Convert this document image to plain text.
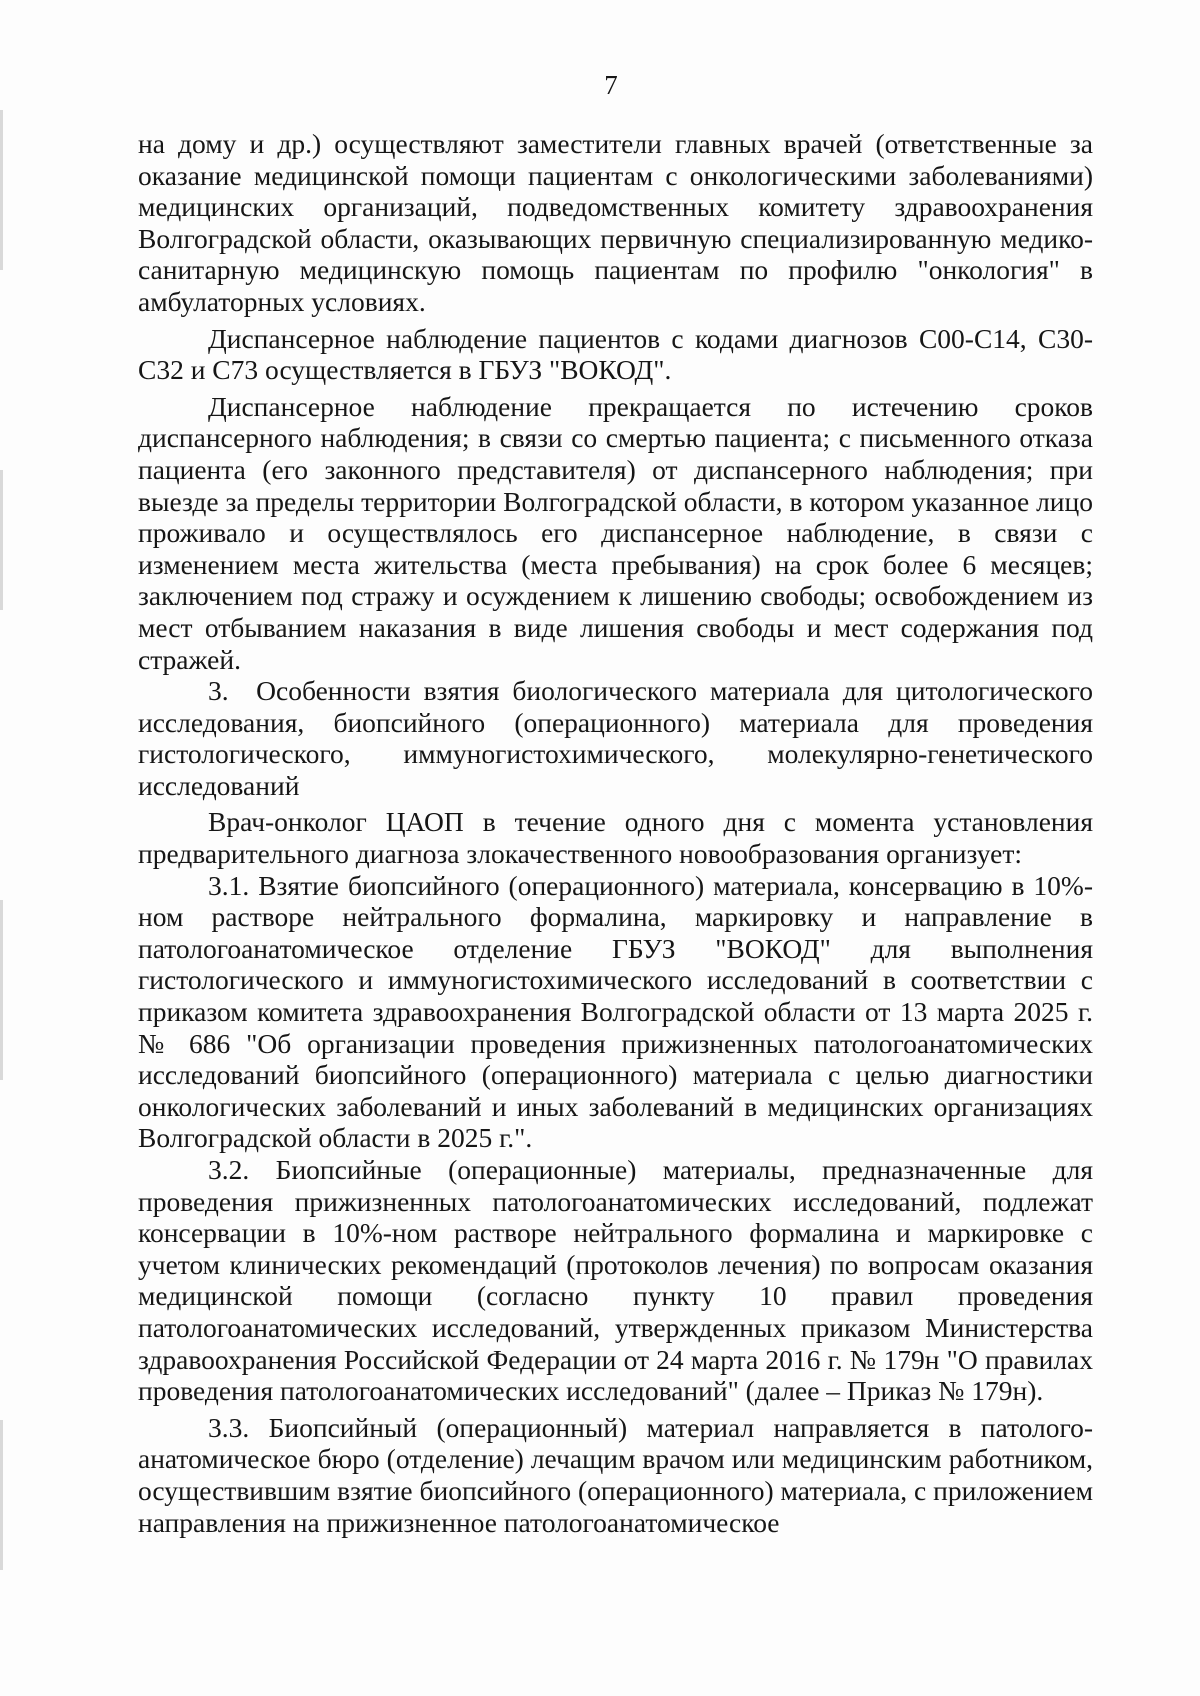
7

на дому и др.) осуществляют заместители главных врачей (ответственные за оказание медицинской помощи пациентам с онкологическими заболеваниями) медицинских организаций, подведомственных комитету здравоохранения Волгоградской области, оказывающих первичную специализированную медико-санитарную медицинскую помощь пациентам по профилю "онкология" в амбулаторных условиях.

Диспансерное наблюдение пациентов с кодами диагнозов С00-С14, С30-С32 и С73 осуществляется в ГБУЗ "ВОКОД".

Диспансерное наблюдение прекращается по истечению сроков диспансерного наблюдения; в связи со смертью пациента; с письменного отказа пациента (его законного представителя) от диспансерного наблюдения; при выезде за пределы территории Волгоградской области, в котором указанное лицо проживало и осуществлялось его диспансерное наблюдение, в связи с изменением места жительства (места пребывания) на срок более 6 месяцев; заключением под стражу и осуждением к лишению свободы; освобождением из мест отбыванием наказания в виде лишения свободы и мест содержания под стражей.

3. Особенности взятия биологического материала для цитологического исследования, биопсийного (операционного) материала для проведения гистологического, иммуногистохимического, молекулярно-генетического исследований

Врач-онколог ЦАОП в течение одного дня с момента установления предварительного диагноза злокачественного новообразования организует:

3.1. Взятие биопсийного (операционного) материала, консервацию в 10%-ном растворе нейтрального формалина, маркировку и направление в патологоанатомическое отделение ГБУЗ "ВОКОД" для выполнения гистологического и иммуногистохимического исследований в соответствии с приказом комитета здравоохранения Волгоградской области от 13 марта 2025 г. № 686 "Об организации проведения прижизненных патологоанатомических исследований биопсийного (операционного) материала с целью диагностики онкологических заболеваний и иных заболеваний в медицинских организациях Волгоградской области в 2025 г.".

3.2. Биопсийные (операционные) материалы, предназначенные для проведения прижизненных патологоанатомических исследований, подлежат консервации в 10%-ном растворе нейтрального формалина и маркировке с учетом клинических рекомендаций (протоколов лечения) по вопросам оказания медицинской помощи (согласно пункту 10 правил проведения патологоанатомических исследований, утвержденных приказом Министерства здравоохранения Российской Федерации от 24 марта 2016 г. № 179н "О правилах проведения патологоанатомических исследований" (далее – Приказ № 179н).

3.3. Биопсийный (операционный) материал направляется в патолого-анатомическое бюро (отделение) лечащим врачом или медицинским работником, осуществившим взятие биопсийного (операционного) материала, с приложением направления на прижизненное патологоанатомическое
